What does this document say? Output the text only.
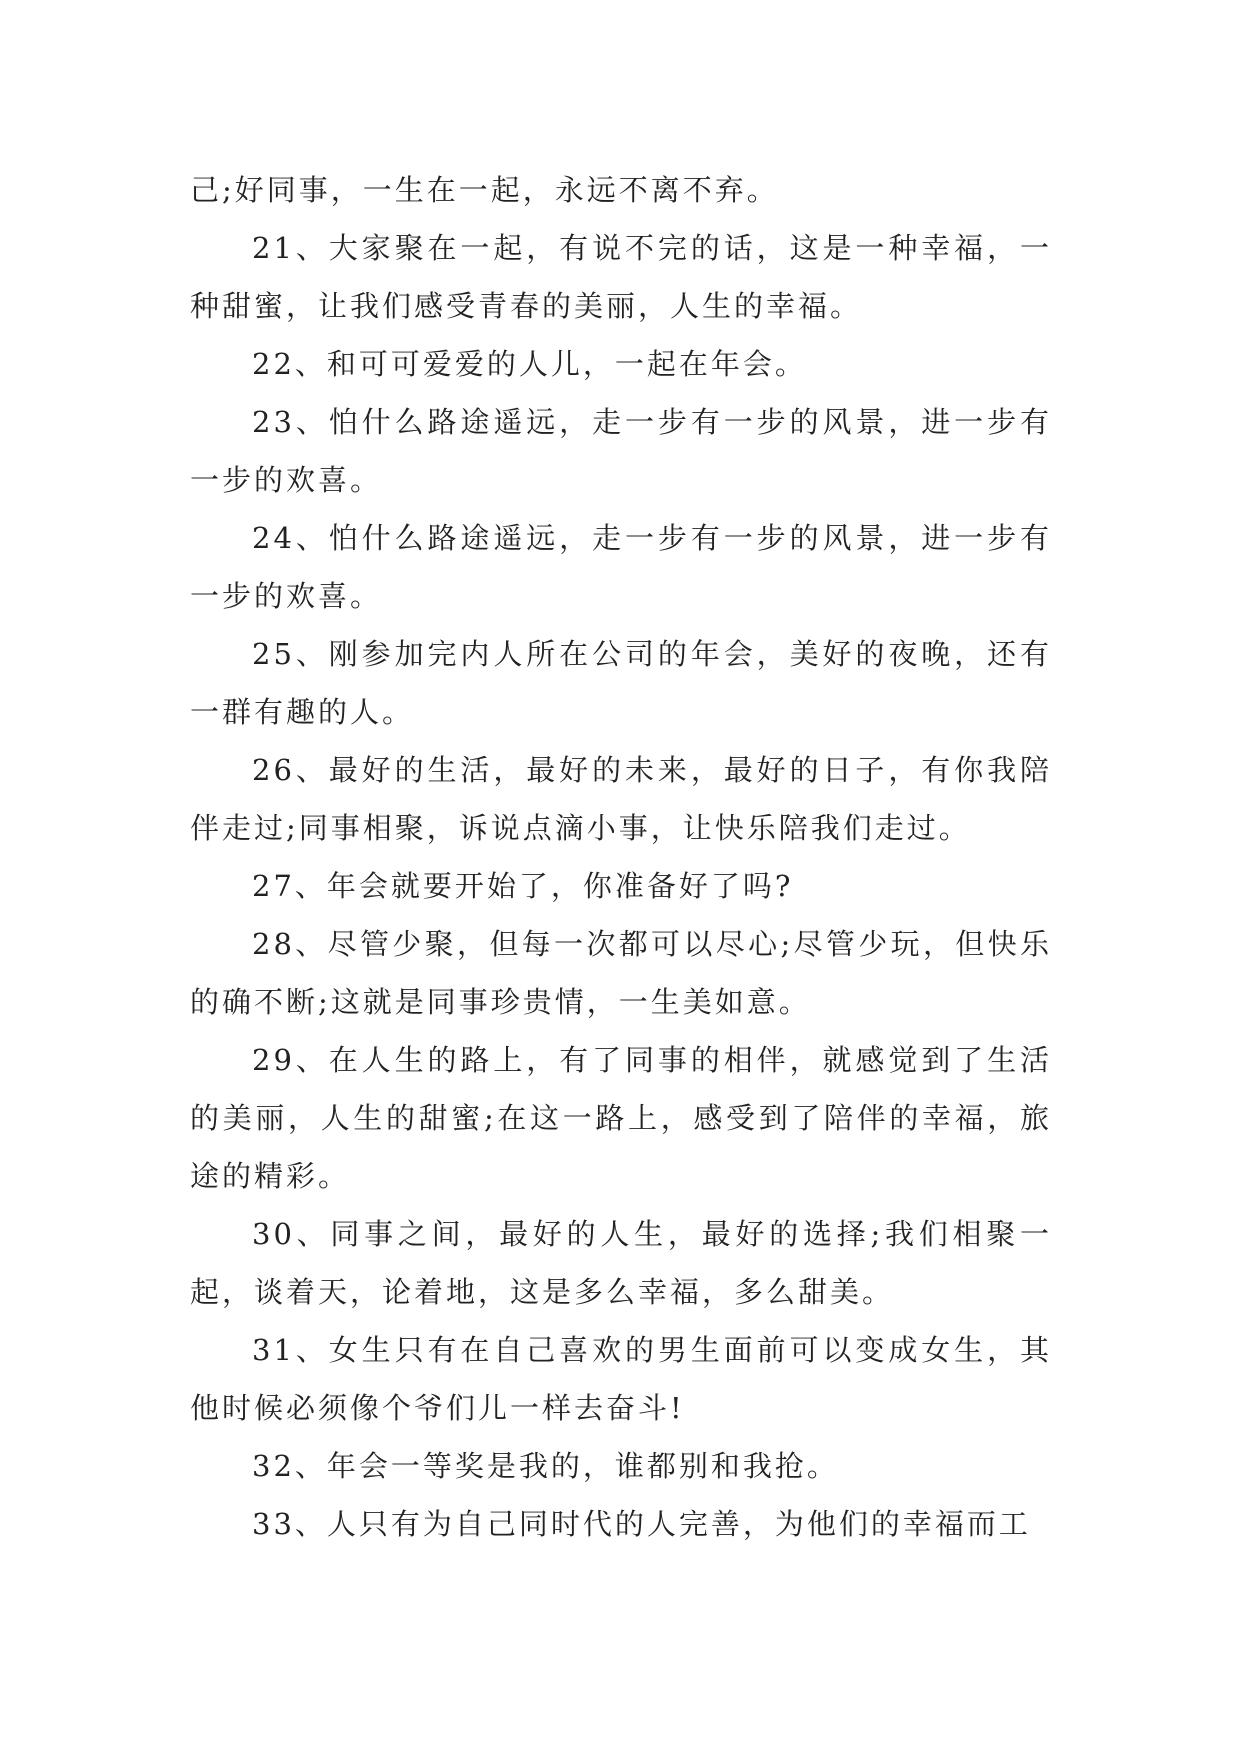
己;好同事，一生在一起，永远不离不弃。

21、大家聚在一起，有说不完的话，这是一种幸福，一种甜蜜，让我们感受青春的美丽，人生的幸福。

22、和可可爱爱的人儿，一起在年会。

23、怕什么路途遥远，走一步有一步的风景，进一步有一步的欢喜。

24、怕什么路途遥远，走一步有一步的风景，进一步有一步的欢喜。

25、刚参加完内人所在公司的年会，美好的夜晚，还有一群有趣的人。

26、最好的生活，最好的未来，最好的日子，有你我陪伴走过;同事相聚，诉说点滴小事，让快乐陪我们走过。

27、年会就要开始了，你准备好了吗?

28、尽管少聚，但每一次都可以尽心;尽管少玩，但快乐的确不断;这就是同事珍贵情，一生美如意。

29、在人生的路上，有了同事的相伴，就感觉到了生活的美丽，人生的甜蜜;在这一路上，感受到了陪伴的幸福，旅途的精彩。

30、同事之间，最好的人生，最好的选择;我们相聚一起，谈着天，论着地，这是多么幸福，多么甜美。

31、女生只有在自己喜欢的男生面前可以变成女生，其他时候必须像个爷们儿一样去奋斗!

32、年会一等奖是我的，谁都别和我抢。

33、人只有为自己同时代的人完善，为他们的幸福而工
